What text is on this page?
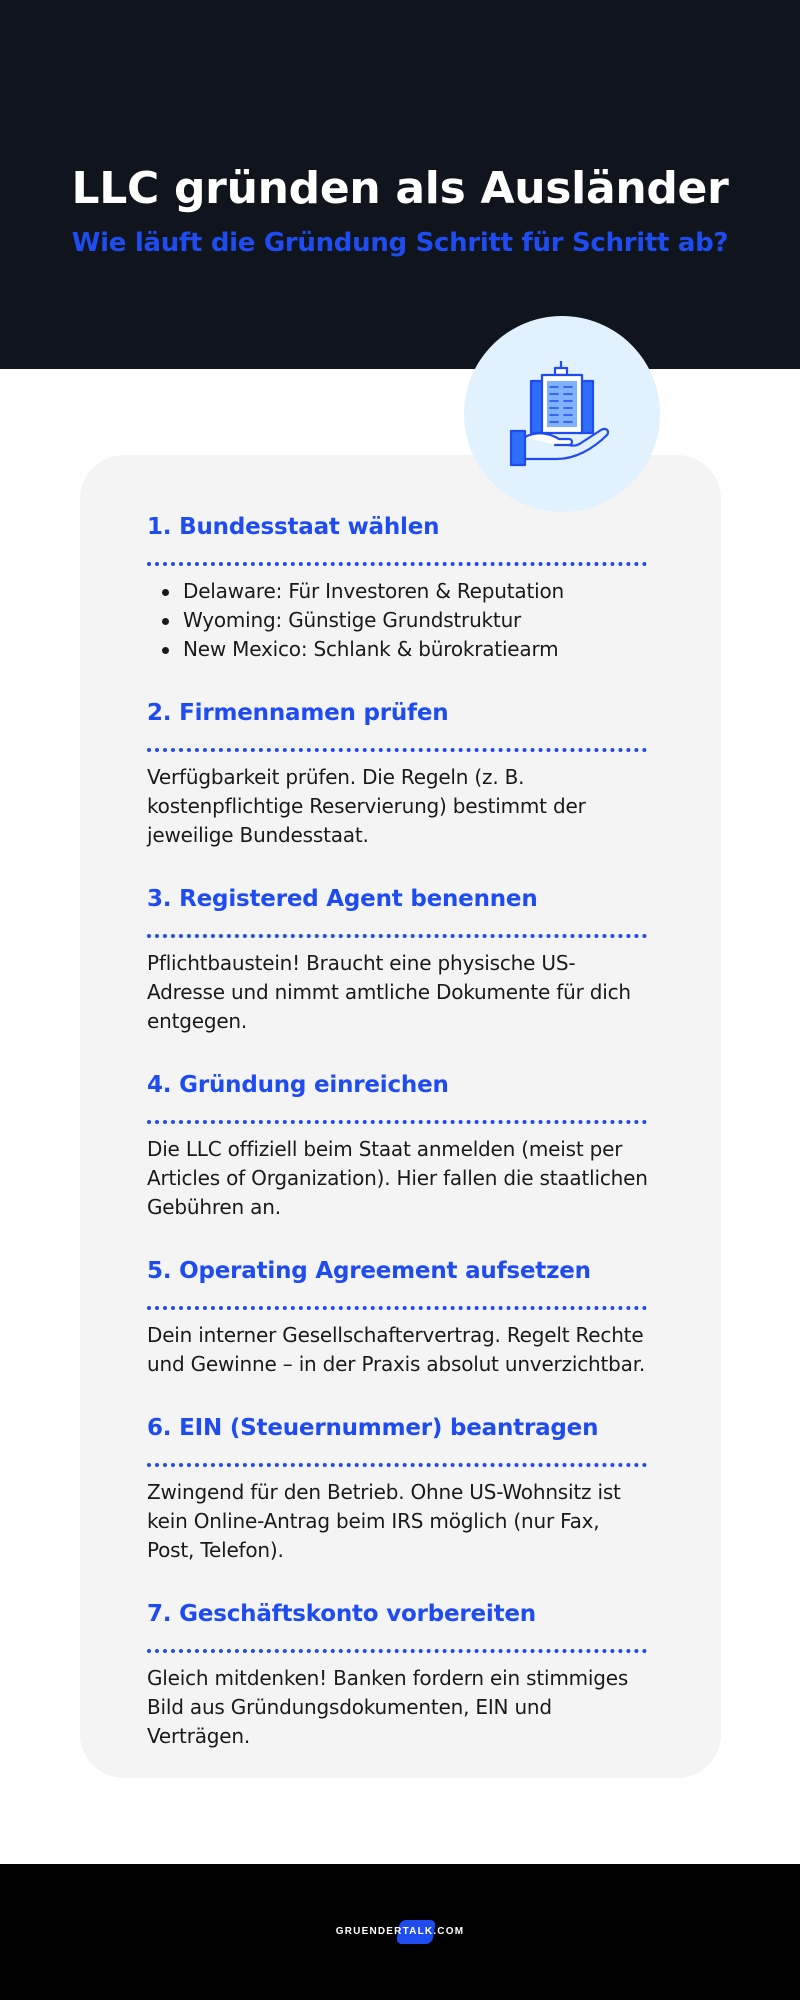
LLC gründen als Ausländer
Wie läuft die Gründung Schritt für Schritt ab?
1. Bundesstaat wählen
Delaware: Für Investoren & Reputation
Wyoming: Günstige Grundstruktur
New Mexico: Schlank & bürokratiearm
2. Firmennamen prüfen
Verfügbarkeit prüfen. Die Regeln (z. B. kostenpflichtige Reservierung) bestimmt der jeweilige Bundesstaat.
3. Registered Agent benennen
Pflichtbaustein! Braucht eine physische US-Adresse und nimmt amtliche Dokumente für dich entgegen.
4. Gründung einreichen
Die LLC offiziell beim Staat anmelden (meist per Articles of Organization). Hier fallen die staatlichen Gebühren an.
5. Operating Agreement aufsetzen
Dein interner Gesellschaftervertrag. Regelt Rechte und Gewinne – in der Praxis absolut unverzichtbar.
6. EIN (Steuernummer) beantragen
Zwingend für den Betrieb. Ohne US-Wohnsitz ist kein Online-Antrag beim IRS möglich (nur Fax, Post, Telefon).
7. Geschäftskonto vorbereiten
Gleich mitdenken! Banken fordern ein stimmiges Bild aus Gründungsdokumenten, EIN und Verträgen.
GRUENDERTALK.COM
